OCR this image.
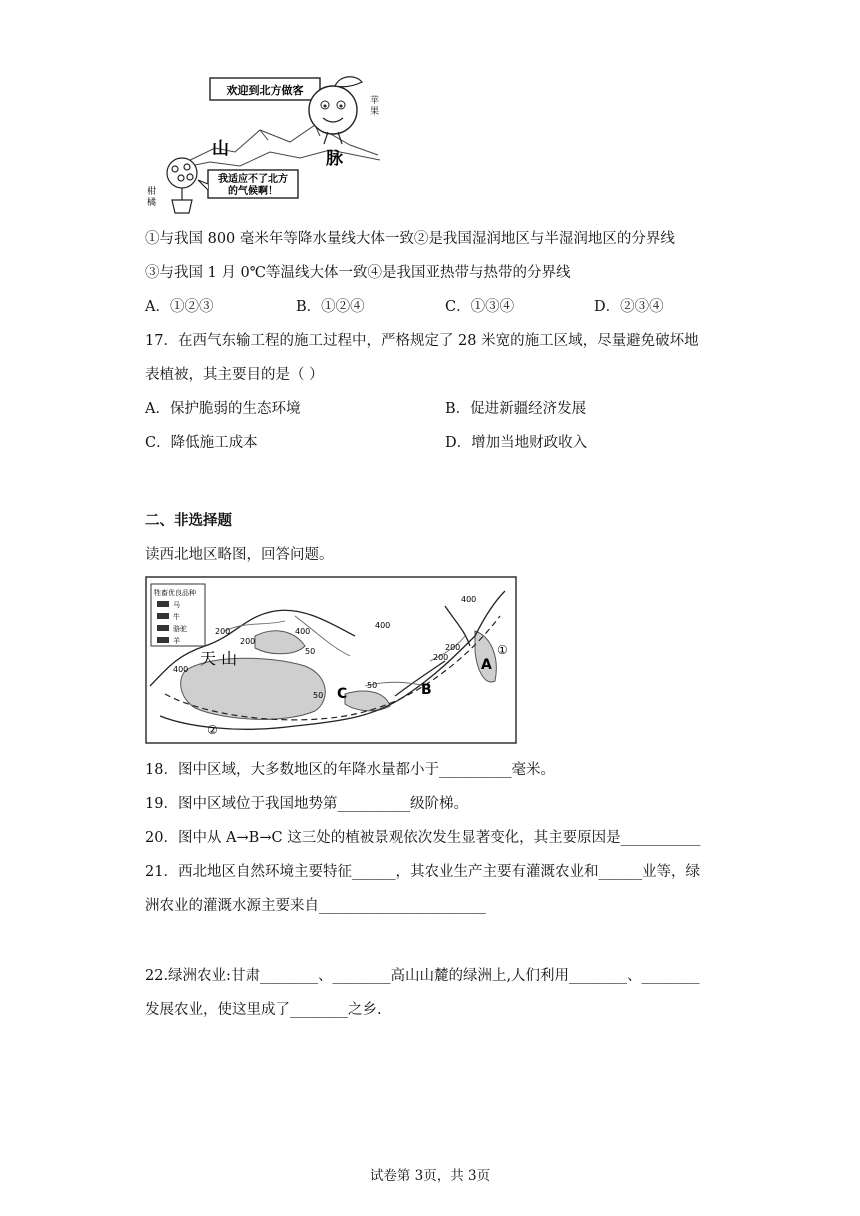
欢迎到北方做客
苹
果
山	脉
柑
橘
我适应不了北方
的气候啊！
①与我国 800 毫米年等降水量线大体一致②是我国湿润地区与半湿润地区的分界线
③与我国 1 月 0℃等温线大体一致④是我国亚热带与热带的分界线
A．①②③	B．①②④	C．①③④	D．②③④
17．在西气东输工程的施工过程中，严格规定了 28 米宽的施工区域，尽量避免破坏地
表植被，其主要目的是（ ）
A．保护脆弱的生态环境	B．促进新疆经济发展
C．降低施工成本	D．增加当地财政收入
二、非选择题
读西北地区略图，回答问题。
牲畜优良品种
马
牛
骆驼
羊
天 山
400
200
200
400
50
400
50
200
50
200
400
A
B
C
①
②
18．图中区域，大多数地区的年降水量都小于__________毫米。
19．图中区域位于我国地势第__________级阶梯。
20．图中从 A→B→C 这三处的植被景观依次发生显著变化，其主要原因是___________
21．西北地区自然环境主要特征______，其农业生产主要有灌溉农业和______业等，绿
洲农业的灌溉水源主要来自_______________________
22.绿洲农业:甘肃________、________高山山麓的绿洲上,人们利用________、________
发展农业，使这里成了________之乡.
试卷第 3页，共 3页
